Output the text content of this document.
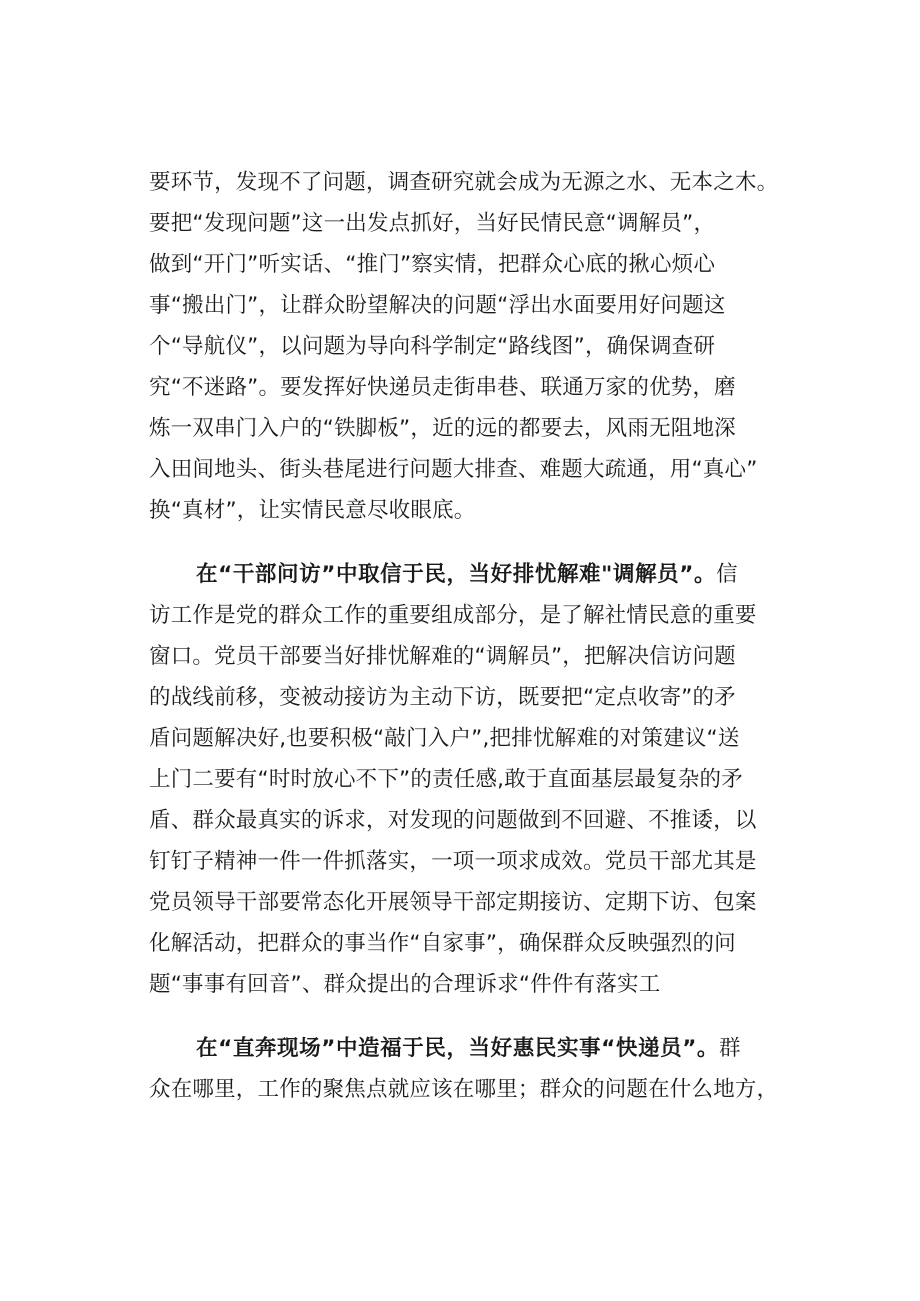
要环节，发现不了问题，调查研究就会成为无源之水、无本之木。
要把“发现问题”这一出发点抓好，当好民情民意“调解员”，
做到“开门”听实话、“推门”察实情，把群众心底的揪心烦心
事“搬出门”，让群众盼望解决的问题“浮出水面要用好问题这
个“导航仪”，以问题为导向科学制定“路线图”，确保调查研
究“不迷路”。要发挥好快递员走街串巷、联通万家的优势，磨
炼一双串门入户的“铁脚板”，近的远的都要去，风雨无阻地深
入田间地头、街头巷尾进行问题大排查、难题大疏通，用“真心”
换“真材”，让实情民意尽收眼底。
在“干部问访”中取信于民，当好排忧解难"调解员”。信
访工作是党的群众工作的重要组成部分，是了解社情民意的重要
窗口。党员干部要当好排忧解难的“调解员”，把解决信访问题
的战线前移，变被动接访为主动下访，既要把“定点收寄”的矛
盾问题解决好,也要积极“敲门入户”,把排忧解难的对策建议“送
上门二要有“时时放心不下”的责任感,敢于直面基层最复杂的矛
盾、群众最真实的诉求，对发现的问题做到不回避、不推诿，以
钉钉子精神一件一件抓落实，一项一项求成效。党员干部尤其是
党员领导干部要常态化开展领导干部定期接访、定期下访、包案
化解活动，把群众的事当作“自家事”，确保群众反映强烈的问
题“事事有回音”、群众提出的合理诉求“件件有落实工
在“直奔现场”中造福于民，当好惠民实事“快递员”。群
众在哪里，工作的聚焦点就应该在哪里；群众的问题在什么地方，
